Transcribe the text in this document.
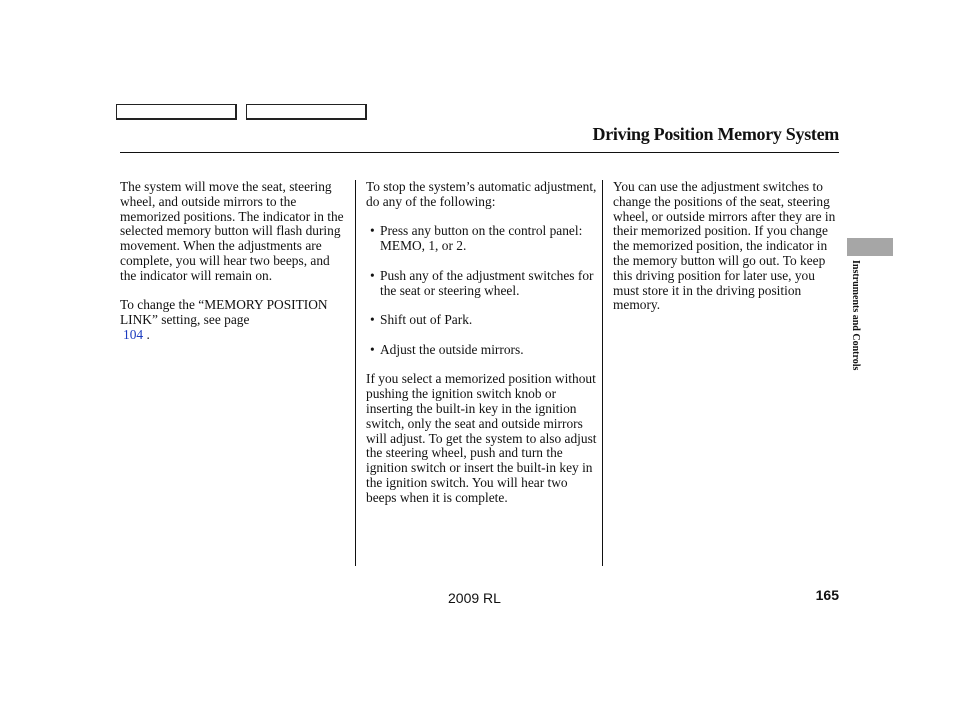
Driving Position Memory System

The system will move the seat, steering wheel, and outside mirrors to the memorized positions. The indicator in the selected memory button will flash during movement. When the adjustments are complete, you will hear two beeps, and the indicator will remain on.

To change the “MEMORY POSITION LINK” setting, see page
104 .

To stop the system’s automatic adjustment, do any of the following:

• Press any button on the control panel: MEMO, 1, or 2.
• Push any of the adjustment switches for the seat or steering wheel.
• Shift out of Park.
• Adjust the outside mirrors.

If you select a memorized position without pushing the ignition switch knob or inserting the built-in key in the ignition switch, only the seat and outside mirrors will adjust. To get the system to also adjust the steering wheel, push and turn the ignition switch or insert the built-in key in the ignition switch. You will hear two beeps when it is complete.

You can use the adjustment switches to change the positions of the seat, steering wheel, or outside mirrors after they are in their memorized position. If you change the memorized position, the indicator in the memory button will go out. To keep this driving position for later use, you must store it in the driving position memory.	Instruments and Controls
2009 RL	165
